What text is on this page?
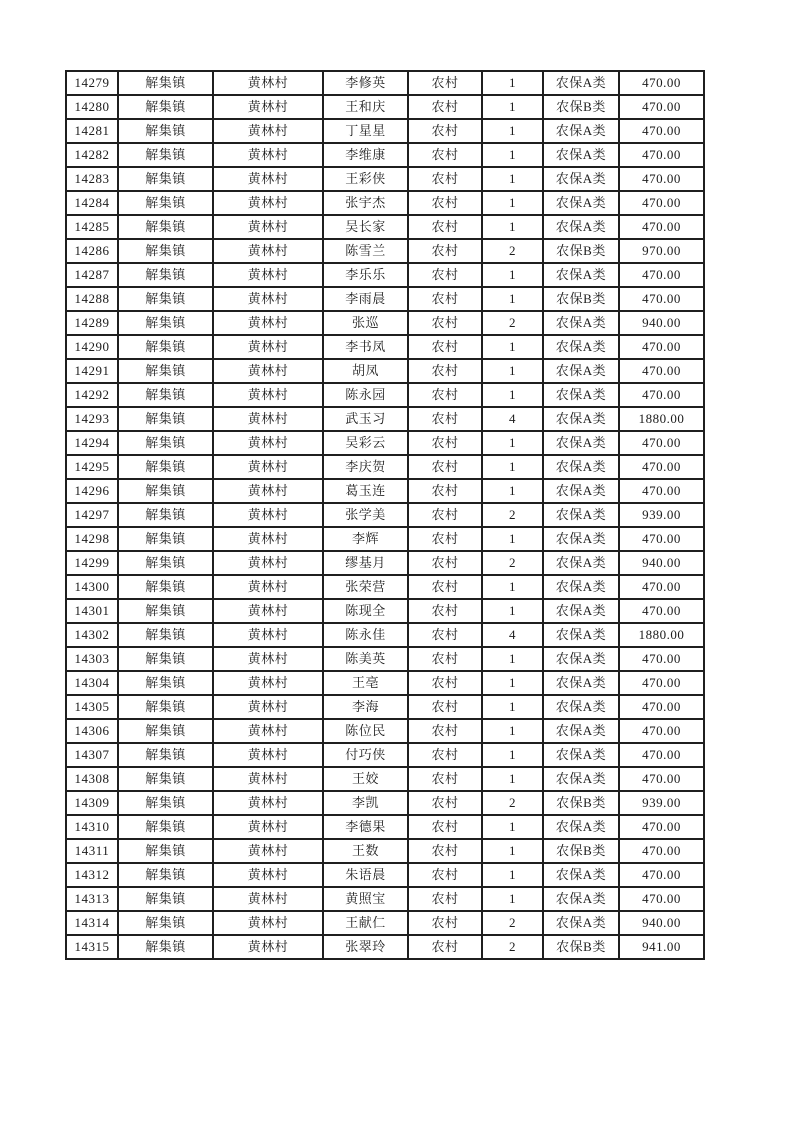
14279	解集镇	黄林村	李修英	农村	1	农保A类	470.00
14280	解集镇	黄林村	王和庆	农村	1	农保B类	470.00
14281	解集镇	黄林村	丁星星	农村	1	农保A类	470.00
14282	解集镇	黄林村	李维康	农村	1	农保A类	470.00
14283	解集镇	黄林村	王彩侠	农村	1	农保A类	470.00
14284	解集镇	黄林村	张宇杰	农村	1	农保A类	470.00
14285	解集镇	黄林村	吴长家	农村	1	农保A类	470.00
14286	解集镇	黄林村	陈雪兰	农村	2	农保B类	970.00
14287	解集镇	黄林村	李乐乐	农村	1	农保A类	470.00
14288	解集镇	黄林村	李雨晨	农村	1	农保B类	470.00
14289	解集镇	黄林村	张巡	农村	2	农保A类	940.00
14290	解集镇	黄林村	李书凤	农村	1	农保A类	470.00
14291	解集镇	黄林村	胡凤	农村	1	农保A类	470.00
14292	解集镇	黄林村	陈永园	农村	1	农保A类	470.00
14293	解集镇	黄林村	武玉习	农村	4	农保A类	1880.00
14294	解集镇	黄林村	吴彩云	农村	1	农保A类	470.00
14295	解集镇	黄林村	李庆贺	农村	1	农保A类	470.00
14296	解集镇	黄林村	葛玉连	农村	1	农保A类	470.00
14297	解集镇	黄林村	张学美	农村	2	农保A类	939.00
14298	解集镇	黄林村	李辉	农村	1	农保A类	470.00
14299	解集镇	黄林村	缪基月	农村	2	农保A类	940.00
14300	解集镇	黄林村	张荣营	农村	1	农保A类	470.00
14301	解集镇	黄林村	陈现全	农村	1	农保A类	470.00
14302	解集镇	黄林村	陈永佳	农村	4	农保A类	1880.00
14303	解集镇	黄林村	陈美英	农村	1	农保A类	470.00
14304	解集镇	黄林村	王亳	农村	1	农保A类	470.00
14305	解集镇	黄林村	李海	农村	1	农保A类	470.00
14306	解集镇	黄林村	陈位民	农村	1	农保A类	470.00
14307	解集镇	黄林村	付巧侠	农村	1	农保A类	470.00
14308	解集镇	黄林村	王姣	农村	1	农保A类	470.00
14309	解集镇	黄林村	李凯	农村	2	农保B类	939.00
14310	解集镇	黄林村	李德果	农村	1	农保A类	470.00
14311	解集镇	黄林村	王数	农村	1	农保B类	470.00
14312	解集镇	黄林村	朱语晨	农村	1	农保A类	470.00
14313	解集镇	黄林村	黄照宝	农村	1	农保A类	470.00
14314	解集镇	黄林村	王献仁	农村	2	农保A类	940.00
14315	解集镇	黄林村	张翠玲	农村	2	农保B类	941.00
